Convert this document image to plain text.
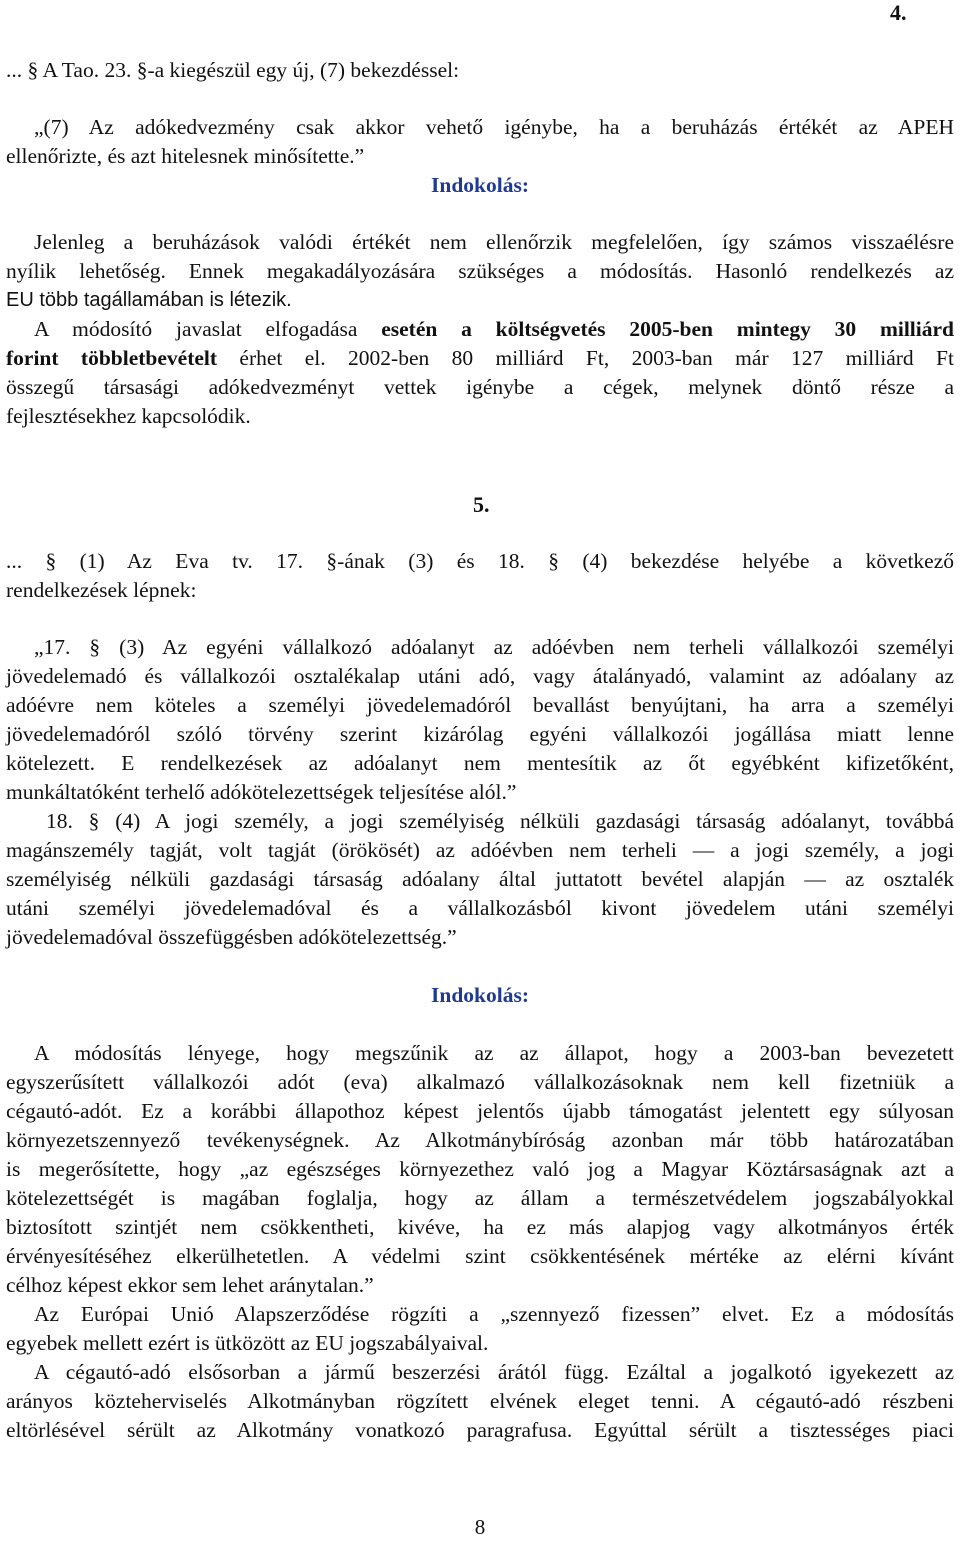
4.
... § A Tao. 23. §-a kiegészül egy új, (7) bekezdéssel:
„(7) Az adókedvezmény csak akkor vehető igénybe, ha a beruházás értékét az APEH
ellenőrizte, és azt hitelesnek minősítette.”
Indokolás:
Jelenleg a beruházások valódi értékét nem ellenőrzik megfelelően, így számos visszaélésre
nyílik lehetőség. Ennek megakadályozására szükséges a módosítás. Hasonló rendelkezés az
EU több tagállamában is létezik.
A módosító javaslat elfogadása esetén a költségvetés 2005-ben mintegy 30 milliárd
forint többletbevételt érhet el. 2002-ben 80 milliárd Ft, 2003-ban már 127 milliárd Ft
összegű társasági adókedvezményt vettek igénybe a cégek, melynek döntő része a
fejlesztésekhez kapcsolódik.
5.
... § (1) Az Eva tv. 17. §-ának (3) és 18. § (4) bekezdése helyébe a következő
rendelkezések lépnek:
„17. § (3) Az egyéni vállalkozó adóalanyt az adóévben nem terheli vállalkozói személyi
jövedelemadó és vállalkozói osztalékalap utáni adó, vagy átalányadó, valamint az adóalany az
adóévre nem köteles a személyi jövedelemadóról bevallást benyújtani, ha arra a személyi
jövedelemadóról szóló törvény szerint kizárólag egyéni vállalkozói jogállása miatt lenne
kötelezett. E rendelkezések az adóalanyt nem mentesítik az őt egyébként kifizetőként,
munkáltatóként terhelő adókötelezettségek teljesítése alól.”
18. § (4) A jogi személy, a jogi személyiség nélküli gazdasági társaság adóalanyt, továbbá
magánszemély tagját, volt tagját (örökösét) az adóévben nem terheli — a jogi személy, a jogi
személyiség nélküli gazdasági társaság adóalany által juttatott bevétel alapján — az osztalék
utáni személyi jövedelemadóval és a vállalkozásból kivont jövedelem utáni személyi
jövedelemadóval összefüggésben adókötelezettség.”
Indokolás:
A módosítás lényege, hogy megszűnik az az állapot, hogy a 2003-ban bevezetett
egyszerűsített vállalkozói adót (eva) alkalmazó vállalkozásoknak nem kell fizetniük a
cégautó-adót. Ez a korábbi állapothoz képest jelentős újabb támogatást jelentett egy súlyosan
környezetszennyező tevékenységnek. Az Alkotmánybíróság azonban már több határozatában
is megerősítette, hogy „az egészséges környezethez való jog a Magyar Köztársaságnak azt a
kötelezettségét is magában foglalja, hogy az állam a természetvédelem jogszabályokkal
biztosított szintjét nem csökkentheti, kivéve, ha ez más alapjog vagy alkotmányos érték
érvényesítéséhez elkerülhetetlen. A védelmi szint csökkentésének mértéke az elérni kívánt
célhoz képest ekkor sem lehet aránytalan.”
Az Európai Unió Alapszerződése rögzíti a „szennyező fizessen” elvet. Ez a módosítás
egyebek mellett ezért is ütközött az EU jogszabályaival.
A cégautó-adó elsősorban a jármű beszerzési árától függ. Ezáltal a jogalkotó igyekezett az
arányos közteherviselés Alkotmányban rögzített elvének eleget tenni. A cégautó-adó részbeni
eltörlésével sérült az Alkotmány vonatkozó paragrafusa. Egyúttal sérült a tisztességes piaci
8
